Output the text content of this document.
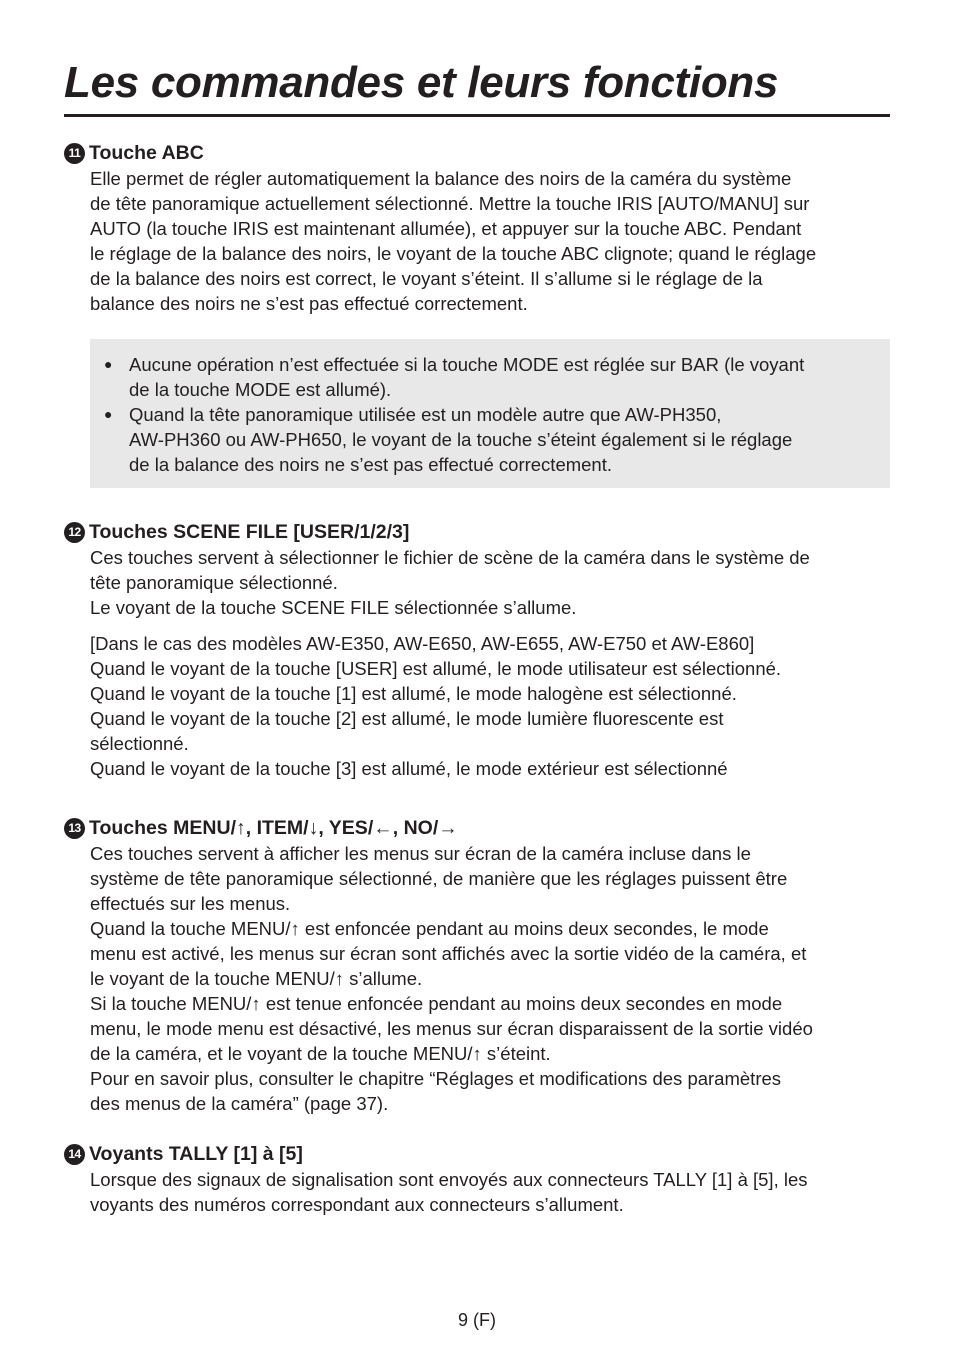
Les commandes et leurs fonctions
11 Touche ABC

Elle permet de régler automatiquement la balance des noirs de la caméra du système

de tête panoramique actuellement sélectionné. Mettre la touche IRIS [AUTO/MANU] sur

AUTO (la touche IRIS est maintenant allumée), et appuyer sur la touche ABC. Pendant

le réglage de la balance des noirs, le voyant de la touche ABC clignote; quand le réglage

de la balance des noirs est correct, le voyant s’éteint. Il s’allume si le réglage de la

balance des noirs ne s’est pas effectué correctement.

● Aucune opération n’est effectuée si la touche MODE est réglée sur BAR (le voyant

de la touche MODE est allumé).

● Quand la tête panoramique utilisée est un modèle autre que AW-PH350,

AW-PH360 ou AW-PH650, le voyant de la touche s’éteint également si le réglage

de la balance des noirs ne s’est pas effectué correctement.

12 Touches SCENE FILE [USER/1/2/3]

Ces touches servent à sélectionner le fichier de scène de la caméra dans le système de

tête panoramique sélectionné.

Le voyant de la touche SCENE FILE sélectionnée s’allume.

[Dans le cas des modèles AW-E350, AW-E650, AW-E655, AW-E750 et AW-E860]

Quand le voyant de la touche [USER] est allumé, le mode utilisateur est sélectionné.

Quand le voyant de la touche [1] est allumé, le mode halogène est sélectionné.

Quand le voyant de la touche [2] est allumé, le mode lumière fluorescente est

sélectionné.

Quand le voyant de la touche [3] est allumé, le mode extérieur est sélectionné

13 Touches MENU/↑, ITEM/↓, YES/←, NO/→

Ces touches servent à afficher les menus sur écran de la caméra incluse dans le

système de tête panoramique sélectionné, de manière que les réglages puissent être

effectués sur les menus.

Quand la touche MENU/↑ est enfoncée pendant au moins deux secondes, le mode

menu est activé, les menus sur écran sont affichés avec la sortie vidéo de la caméra, et

le voyant de la touche MENU/↑ s’allume.

Si la touche MENU/↑ est tenue enfoncée pendant au moins deux secondes en mode

menu, le mode menu est désactivé, les menus sur écran disparaissent de la sortie vidéo

de la caméra, et le voyant de la touche MENU/↑ s’éteint.

Pour en savoir plus, consulter le chapitre “Réglages et modifications des paramètres

des menus de la caméra” (page 37).

14 Voyants TALLY [1] à [5]

Lorsque des signaux de signalisation sont envoyés aux connecteurs TALLY [1] à [5], les

voyants des numéros correspondant aux connecteurs s’allument.

9 (F)
